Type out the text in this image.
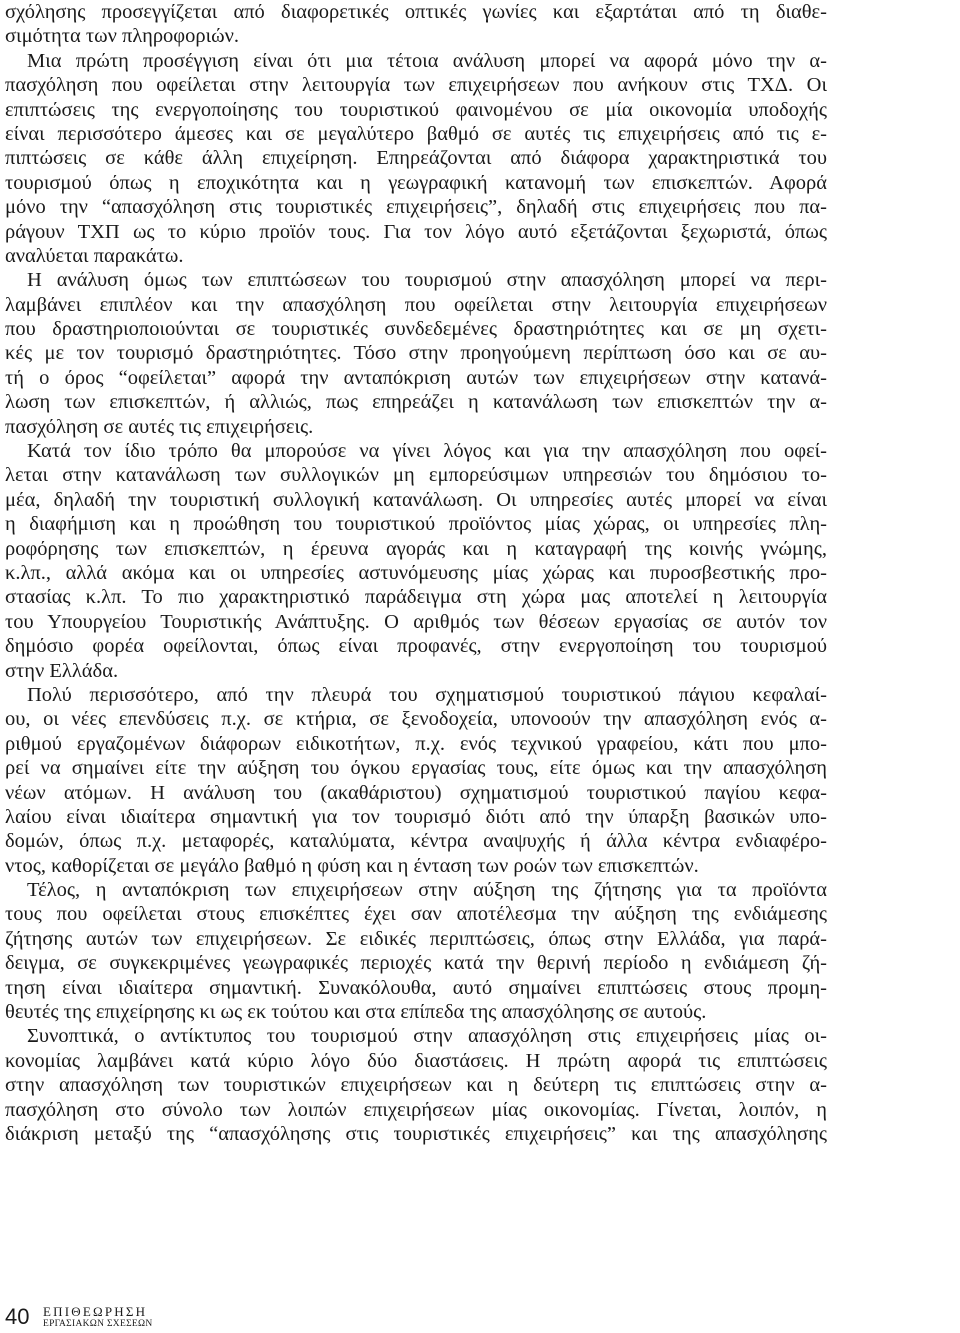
σχόλησης προσεγγίζεται από διαφορετικές οπτικές γωνίες και εξαρτάται από τη διαθε-
σιμότητα των πληροφοριών.
Μια πρώτη προσέγγιση είναι ότι μια τέτοια ανάλυση μπορεί να αφορά μόνο την α-
πασχόληση που οφείλεται στην λειτουργία των επιχειρήσεων που ανήκουν στις ΤΧΔ. Οι
επιπτώσεις της ενεργοποίησης του τουριστικού φαινομένου σε μία οικονομία υποδοχής
είναι περισσότερο άμεσες και σε μεγαλύτερο βαθμό σε αυτές τις επιχειρήσεις από τις ε-
πιπτώσεις σε κάθε άλλη επιχείρηση. Επηρεάζονται από διάφορα χαρακτηριστικά του
τουρισμού όπως η εποχικότητα και η γεωγραφική κατανομή των επισκεπτών. Αφορά
μόνο την “απασχόληση στις τουριστικές επιχειρήσεις”, δηλαδή στις επιχειρήσεις που πα-
ράγουν ΤΧΠ ως το κύριο προϊόν τους. Για τον λόγο αυτό εξετάζονται ξεχωριστά, όπως
αναλύεται παρακάτω.
Η ανάλυση όμως των επιπτώσεων του τουρισμού στην απασχόληση μπορεί να περι-
λαμβάνει επιπλέον και την απασχόληση που οφείλεται στην λειτουργία επιχειρήσεων
που δραστηριοποιούνται σε τουριστικές συνδεδεμένες δραστηριότητες και σε μη σχετι-
κές με τον τουρισμό δραστηριότητες. Τόσο στην προηγούμενη περίπτωση όσο και σε αυ-
τή ο όρος “οφείλεται” αφορά την ανταπόκριση αυτών των επιχειρήσεων στην κατανά-
λωση των επισκεπτών, ή αλλιώς, πως επηρεάζει η κατανάλωση των επισκεπτών την α-
πασχόληση σε αυτές τις επιχειρήσεις.
Κατά τον ίδιο τρόπο θα μπορούσε να γίνει λόγος και για την απασχόληση που οφεί-
λεται στην κατανάλωση των συλλογικών μη εμπορεύσιμων υπηρεσιών του δημόσιου το-
μέα, δηλαδή την τουριστική συλλογική κατανάλωση. Οι υπηρεσίες αυτές μπορεί να είναι
η διαφήμιση και η προώθηση του τουριστικού προϊόντος μίας χώρας, οι υπηρεσίες πλη-
ροφόρησης των επισκεπτών, η έρευνα αγοράς και η καταγραφή της κοινής γνώμης,
κ.λπ., αλλά ακόμα και οι υπηρεσίες αστυνόμευσης μίας χώρας και πυροσβεστικής προ-
στασίας κ.λπ. Το πιο χαρακτηριστικό παράδειγμα στη χώρα μας αποτελεί η λειτουργία
του Υπουργείου Τουριστικής Ανάπτυξης. Ο αριθμός των θέσεων εργασίας σε αυτόν τον
δημόσιο φορέα οφείλονται, όπως είναι προφανές, στην ενεργοποίηση του τουρισμού
στην Ελλάδα.
Πολύ περισσότερο, από την πλευρά του σχηματισμού τουριστικού πάγιου κεφαλαί-
ου, οι νέες επενδύσεις π.χ. σε κτήρια, σε ξενοδοχεία, υπονοούν την απασχόληση ενός α-
ριθμού εργαζομένων διάφορων ειδικοτήτων, π.χ. ενός τεχνικού γραφείου, κάτι που μπο-
ρεί να σημαίνει είτε την αύξηση του όγκου εργασίας τους, είτε όμως και την απασχόληση
νέων ατόμων. Η ανάλυση του (ακαθάριστου) σχηματισμού τουριστικού παγίου κεφα-
λαίου είναι ιδιαίτερα σημαντική για τον τουρισμό διότι από την ύπαρξη βασικών υπο-
δομών, όπως π.χ. μεταφορές, καταλύματα, κέντρα αναψυχής ή άλλα κέντρα ενδιαφέρο-
ντος, καθορίζεται σε μεγάλο βαθμό η φύση και η ένταση των ροών των επισκεπτών.
Τέλος, η ανταπόκριση των επιχειρήσεων στην αύξηση της ζήτησης για τα προϊόντα
τους που οφείλεται στους επισκέπτες έχει σαν αποτέλεσμα την αύξηση της ενδιάμεσης
ζήτησης αυτών των επιχειρήσεων. Σε ειδικές περιπτώσεις, όπως στην Ελλάδα, για παρά-
δειγμα, σε συγκεκριμένες γεωγραφικές περιοχές κατά την θερινή περίοδο η ενδιάμεση ζή-
τηση είναι ιδιαίτερα σημαντική. Συνακόλουθα, αυτό σημαίνει επιπτώσεις στους προμη-
θευτές της επιχείρησης κι ως εκ τούτου και στα επίπεδα της απασχόλησης σε αυτούς.
Συνοπτικά, ο αντίκτυπος του τουρισμού στην απασχόληση στις επιχειρήσεις μίας οι-
κονομίας λαμβάνει κατά κύριο λόγο δύο διαστάσεις. Η πρώτη αφορά τις επιπτώσεις
στην απασχόληση των τουριστικών επιχειρήσεων και η δεύτερη τις επιπτώσεις στην α-
πασχόληση στο σύνολο των λοιπών επιχειρήσεων μίας οικονομίας. Γίνεται, λοιπόν, η
διάκριση μεταξύ της “απασχόλησης στις τουριστικές επιχειρήσεις” και της απασχόλησης
40 ΕΠΙΘΕΩΡΗΣΗ
ΕΡΓΑΣΙΑΚΩΝ ΣΧΕΣΕΩΝ
